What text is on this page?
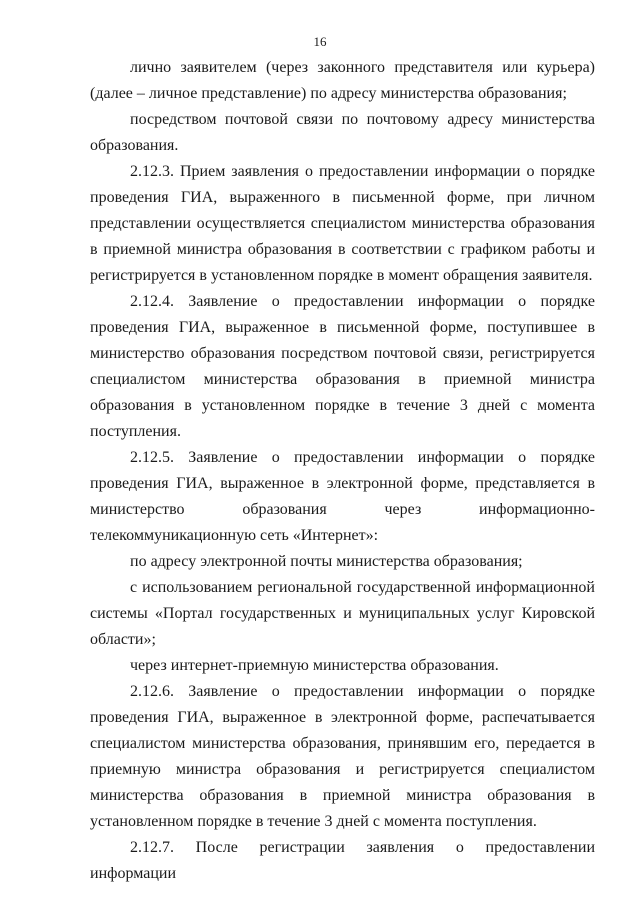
16

лично заявителем (через законного представителя или курьера) (далее – личное представление) по адресу министерства образования;

посредством почтовой связи по почтовому адресу министерства образования.

2.12.3. Прием заявления о предоставлении информации о порядке проведения ГИА, выраженного в письменной форме, при личном представлении осуществляется специалистом министерства образования в приемной министра образования в соответствии с графиком работы и регистрируется в установленном порядке в момент обращения заявителя.

2.12.4. Заявление о предоставлении информации о порядке проведения ГИА, выраженное в письменной форме, поступившее в министерство образования посредством почтовой связи, регистрируется специалистом министерства образования в приемной министра образования в установленном порядке в течение 3 дней с момента поступления.

2.12.5. Заявление о предоставлении информации о порядке проведения ГИА, выраженное в электронной форме, представляется в министерство образования через информационно-телекоммуникационную сеть «Интернет»:

по адресу электронной почты министерства образования;

с использованием региональной государственной информационной системы «Портал государственных и муниципальных услуг Кировской области»;

через интернет-приемную министерства образования.

2.12.6. Заявление о предоставлении информации о порядке проведения ГИА, выраженное в электронной форме, распечатывается специалистом министерства образования, принявшим его, передается в приемную министра образования и регистрируется специалистом министерства образования в приемной министра образования в установленном порядке в течение 3 дней с момента поступления.

2.12.7. После регистрации заявления о предоставлении информации
